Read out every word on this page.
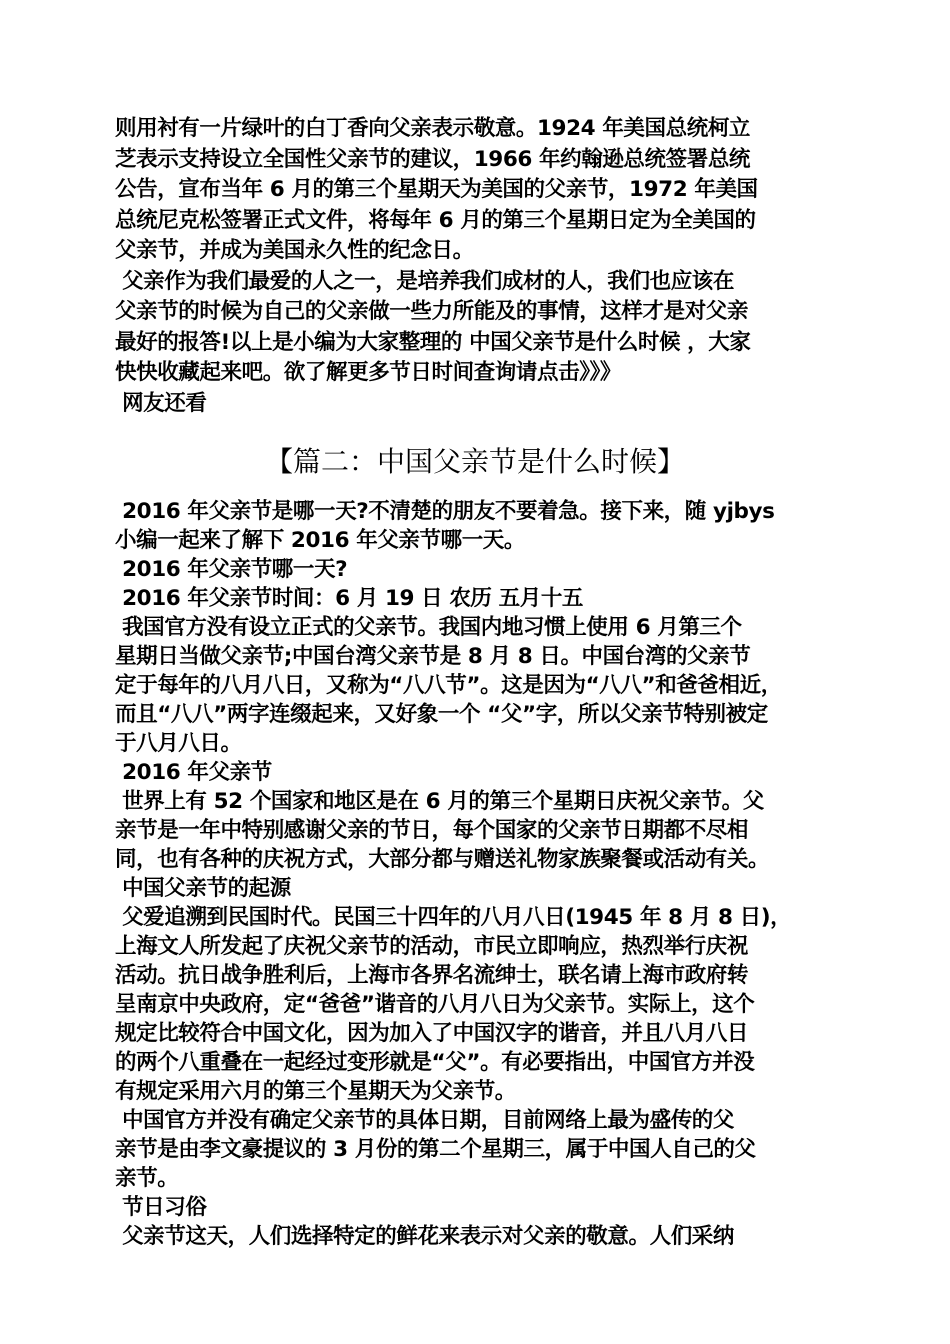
则用衬有一片绿叶的白丁香向父亲表示敬意。1924 年美国总统柯立
芝表示支持设立全国性父亲节的建议，1966 年约翰逊总统签署总统
公告，宣布当年 6 月的第三个星期天为美国的父亲节，1972 年美国
总统尼克松签署正式文件，将每年 6 月的第三个星期日定为全美国的
父亲节，并成为美国永久性的纪念日。
父亲作为我们最爱的人之一，是培养我们成材的人，我们也应该在
父亲节的时候为自己的父亲做一些力所能及的事情，这样才是对父亲
最好的报答!以上是小编为大家整理的 中国父亲节是什么时候 ，大家
快快收藏起来吧。欲了解更多节日时间查询请点击》》》
网友还看
【篇二：中国父亲节是什么时候】
2016 年父亲节是哪一天?不清楚的朋友不要着急。接下来，随 yjbys
小编一起来了解下 2016 年父亲节哪一天。
2016 年父亲节哪一天?
2016 年父亲节时间：6 月 19 日 农历 五月十五
我国官方没有设立正式的父亲节。我国内地习惯上使用 6 月第三个
星期日当做父亲节;中国台湾父亲节是 8 月 8 日。中国台湾的父亲节
定于每年的八月八日，又称为“八八节”。这是因为“八八”和爸爸相近，
而且“八八”两字连缀起来，又好象一个 “父”字，所以父亲节特别被定
于八月八日。
2016 年父亲节
世界上有 52 个国家和地区是在 6 月的第三个星期日庆祝父亲节。父
亲节是一年中特别感谢父亲的节日，每个国家的父亲节日期都不尽相
同，也有各种的庆祝方式，大部分都与赠送礼物家族聚餐或活动有关。
中国父亲节的起源
父爱追溯到民国时代。民国三十四年的八月八日(1945 年 8 月 8 日)，
上海文人所发起了庆祝父亲节的活动，市民立即响应，热烈举行庆祝
活动。抗日战争胜利后，上海市各界名流绅士，联名请上海市政府转
呈南京中央政府，定“爸爸”谐音的八月八日为父亲节。实际上，这个
规定比较符合中国文化，因为加入了中国汉字的谐音，并且八月八日
的两个八重叠在一起经过变形就是“父”。有必要指出，中国官方并没
有规定采用六月的第三个星期天为父亲节。
中国官方并没有确定父亲节的具体日期，目前网络上最为盛传的父
亲节是由李文豪提议的 3 月份的第二个星期三，属于中国人自己的父
亲节。
节日习俗
父亲节这天，人们选择特定的鲜花来表示对父亲的敬意。人们采纳
